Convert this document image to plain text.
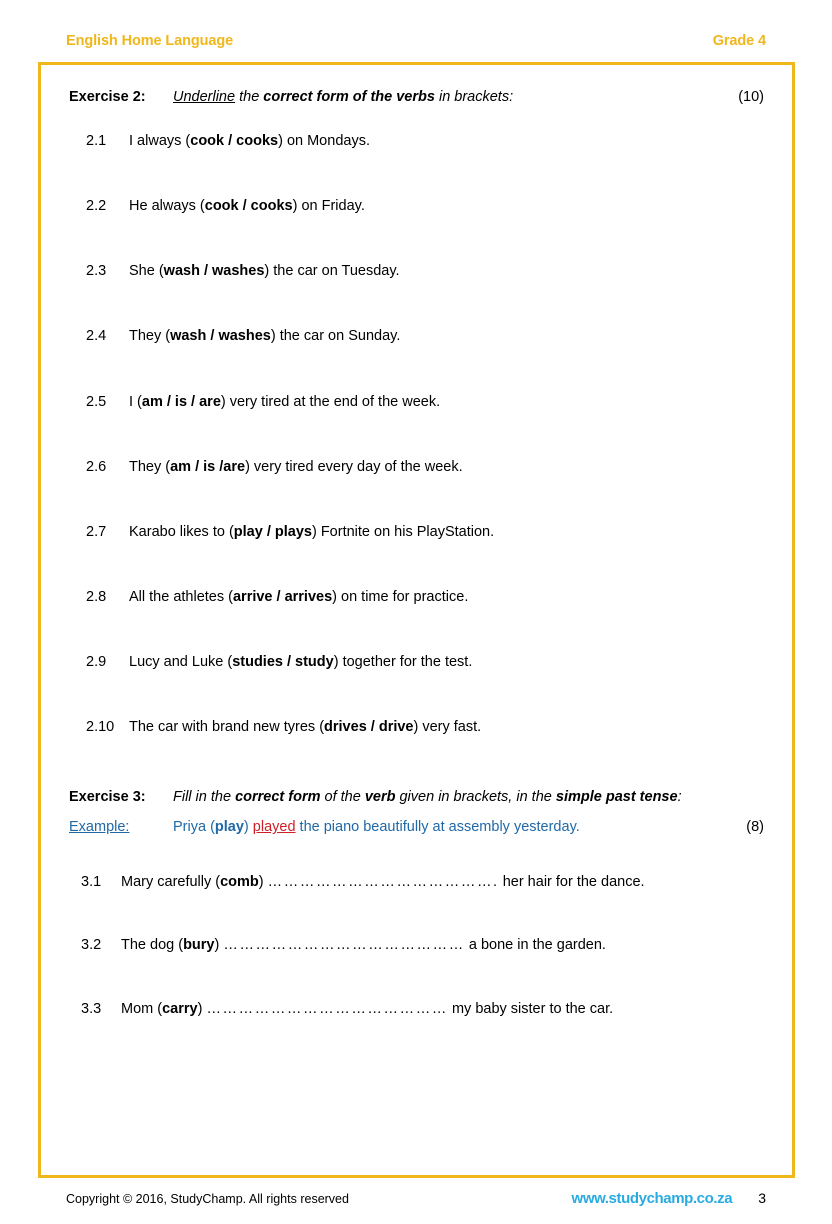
English Home Language	Grade 4
Exercise 2:	Underline the correct form of the verbs in brackets:	(10)
2.1	I always (cook / cooks) on Mondays.
2.2	He always (cook / cooks) on Friday.
2.3	She (wash / washes) the car on Tuesday.
2.4	They (wash / washes) the car on Sunday.
2.5	I (am / is / are) very tired at the end of the week.
2.6	They (am / is /are) very tired every day of the week.
2.7	Karabo likes to (play / plays) Fortnite on his PlayStation.
2.8	All the athletes (arrive / arrives) on time for practice.
2.9	Lucy and Luke (studies / study) together for the test.
2.10	The car with brand new tyres (drives / drive) very fast.
Exercise 3:	Fill in the correct form of the verb given in brackets, in the simple past tense:
Example:	Priya (play) played the piano beautifully at assembly yesterday.	(8)
3.1	Mary carefully (comb) ……………………………………. her hair for the dance.
3.2	The dog (bury) ……………………………………… a bone in the garden.
3.3	Mom (carry) ……………………………………… my baby sister to the car.
Copyright © 2016, StudyChamp. All rights reserved	www.studychamp.co.za 3
